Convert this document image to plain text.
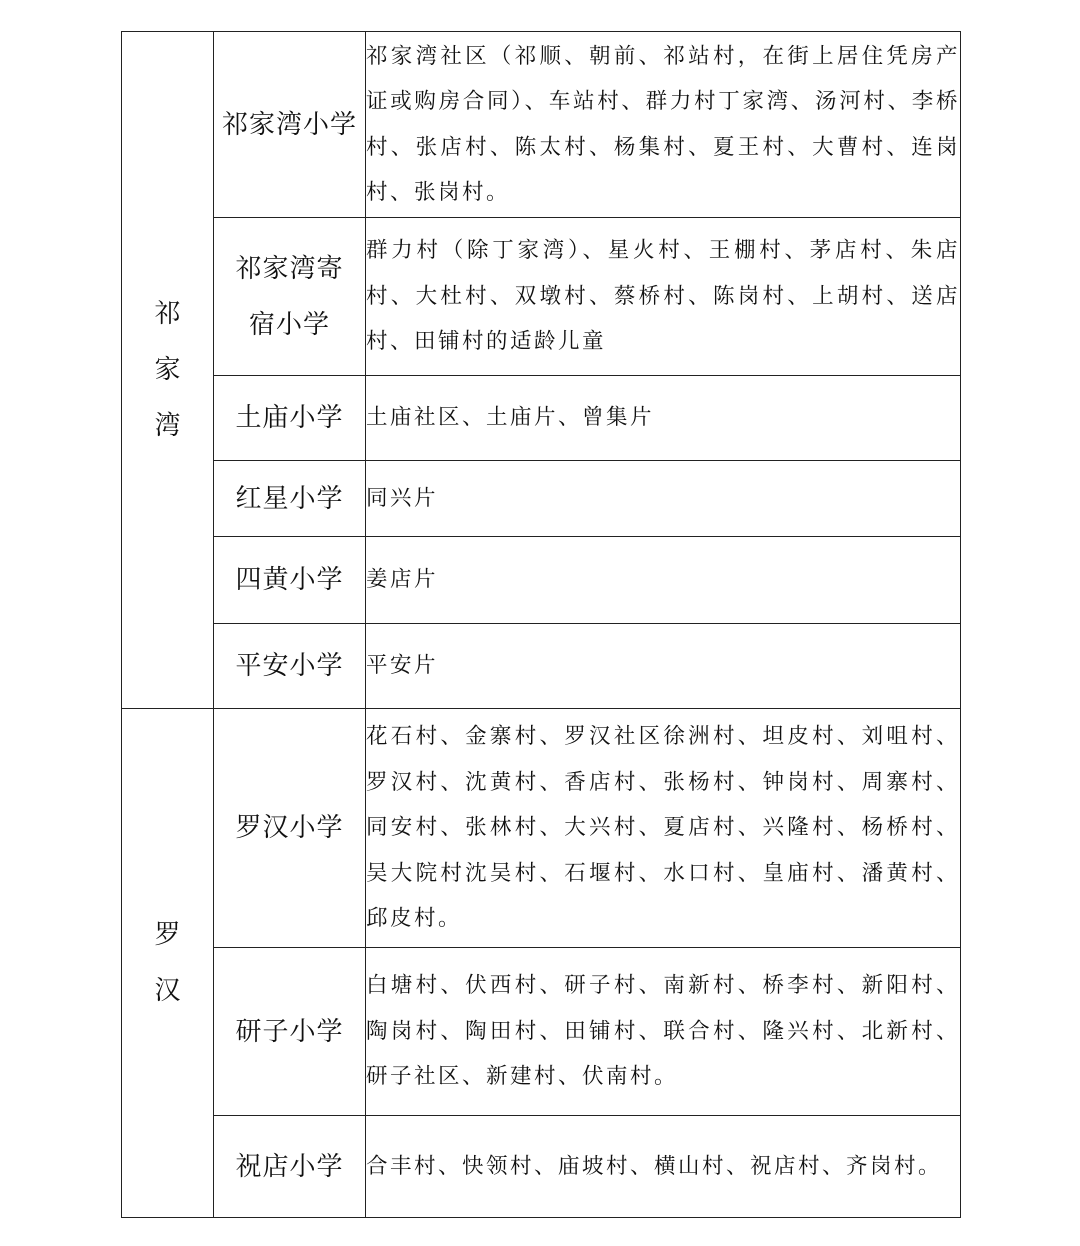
祁家湾	祁家湾小学	祁家湾社区（祁顺、朝前、祁站村，在街上居住凭房产证或购房合同）、车站村、群力村丁家湾、汤河村、李桥村、张店村、陈太村、杨集村、夏王村、大曹村、连岗村、张岗村。
	祁家湾寄宿小学	群力村（除丁家湾）、星火村、王棚村、茅店村、朱店村、大杜村、双墩村、蔡桥村、陈岗村、上胡村、送店村、田铺村的适龄儿童
	土庙小学	土庙社区、土庙片、曾集片
	红星小学	同兴片
	四黄小学	姜店片
	平安小学	平安片
罗汉	罗汉小学	花石村、金寨村、罗汉社区徐洲村、坦皮村、刘咀村、罗汉村、沈黄村、香店村、张杨村、钟岗村、周寨村、同安村、张林村、大兴村、夏店村、兴隆村、杨桥村、吴大院村沈吴村、石堰村、水口村、皇庙村、潘黄村、邱皮村。
	研子小学	白塘村、伏西村、研子村、南新村、桥李村、新阳村、陶岗村、陶田村、田铺村、联合村、隆兴村、北新村、研子社区、新建村、伏南村。
	祝店小学	合丰村、快领村、庙坡村、横山村、祝店村、齐岗村。
